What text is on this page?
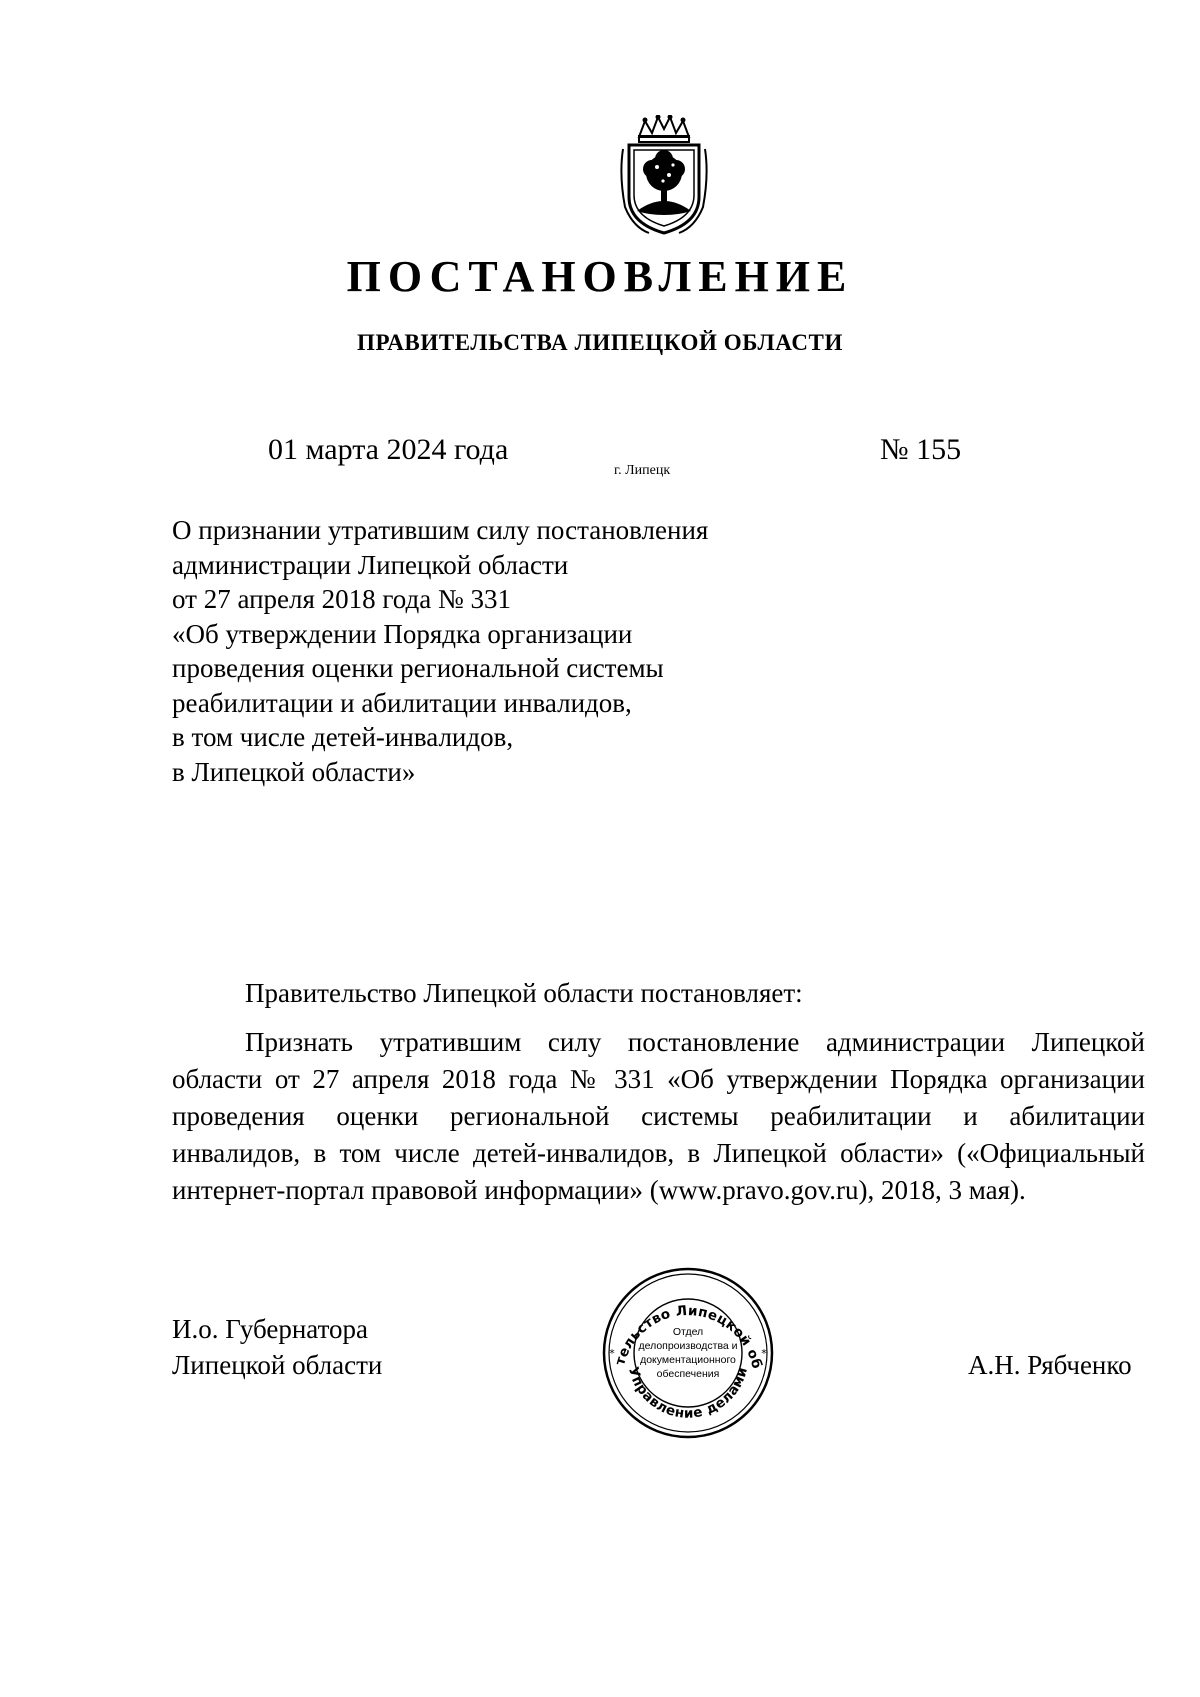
ПОСТАНОВЛЕНИЕ
ПРАВИТЕЛЬСТВА ЛИПЕЦКОЙ ОБЛАСТИ
01 марта 2024 года
г. Липецк
№ 155
О признании утратившим силу постановления
администрации Липецкой области
от 27 апреля 2018 года № 331
«Об утверждении Порядка организации
проведения оценки региональной системы
реабилитации и абилитации инвалидов,
в том числе детей-инвалидов,
в Липецкой области»
Правительство Липецкой области постановляет:
Признать утратившим силу постановление администрации Липецкой
области от 27 апреля 2018 года № 331 «Об утверждении Порядка организации
проведения оценки региональной системы реабилитации и абилитации
инвалидов, в том числе детей-инвалидов, в Липецкой области» («Официальный
интернет-портал правовой информации» (www.pravo.gov.ru), 2018, 3 мая).
И.о. Губернатора
Липецкой области	А.Н. Рябченко
тельство Липецкой об
Управление делами
*	*
Отдел
делопроизводства и
документационного
обеспечения
